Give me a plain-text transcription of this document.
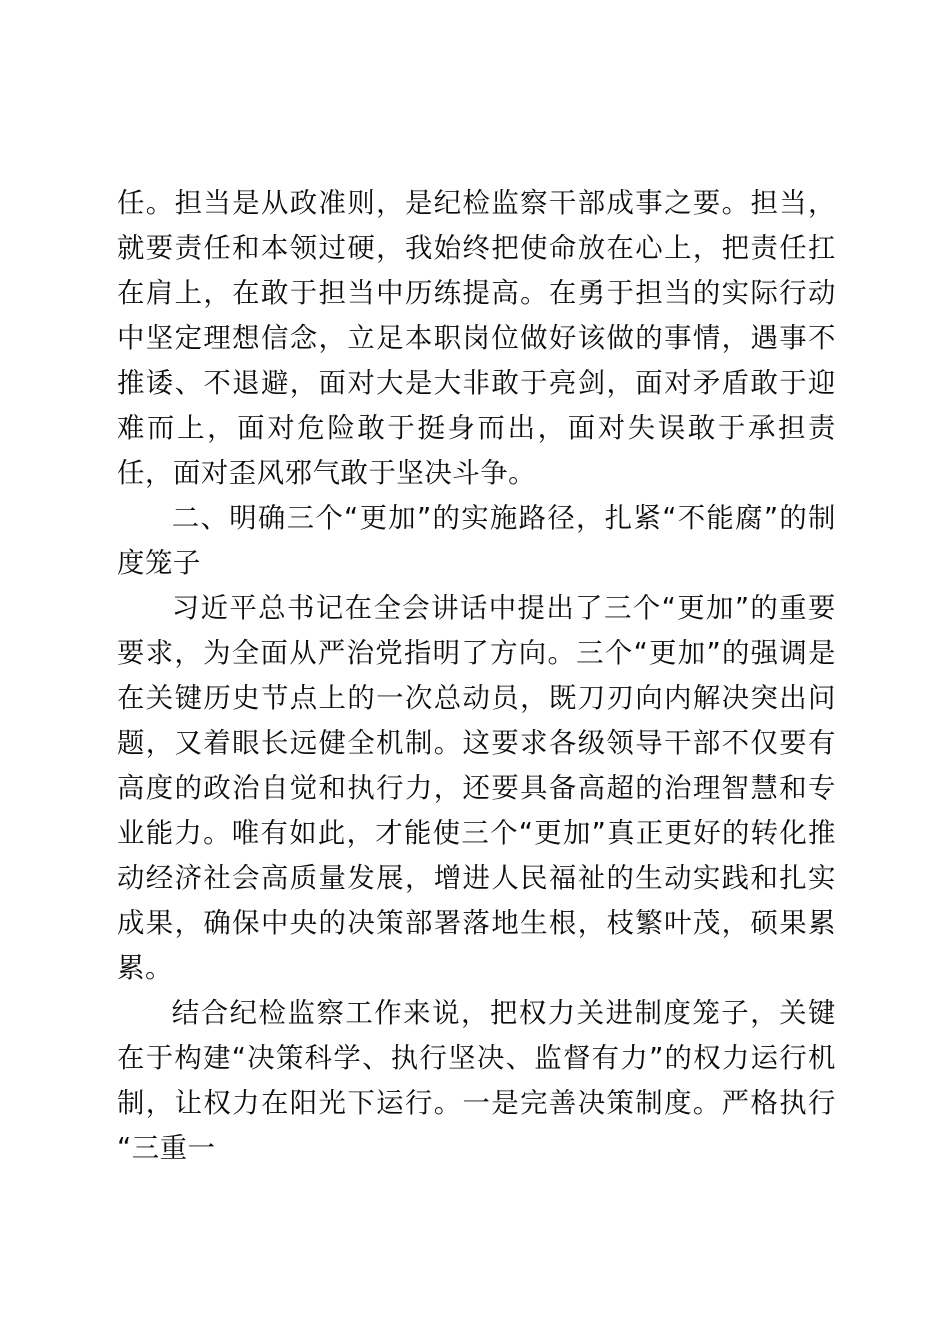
任。担当是从政准则，是纪检监察干部成事之要。担当，就要责任和本领过硬，我始终把使命放在心上，把责任扛在肩上，在敢于担当中历练提高。在勇于担当的实际行动中坚定理想信念，立足本职岗位做好该做的事情，遇事不推诿、不退避，面对大是大非敢于亮剑，面对矛盾敢于迎难而上，面对危险敢于挺身而出，面对失误敢于承担责任，面对歪风邪气敢于坚决斗争。

二、明确三个“更加”的实施路径，扎紧“不能腐”的制度笼子

习近平总书记在全会讲话中提出了三个“更加”的重要要求，为全面从严治党指明了方向。三个“更加”的强调是在关键历史节点上的一次总动员，既刀刃向内解决突出问题，又着眼长远健全机制。这要求各级领导干部不仅要有高度的政治自觉和执行力，还要具备高超的治理智慧和专业能力。唯有如此，才能使三个“更加”真正更好的转化推动经济社会高质量发展，增进人民福祉的生动实践和扎实成果，确保中央的决策部署落地生根，枝繁叶茂，硕果累累。

结合纪检监察工作来说，把权力关进制度笼子，关键在于构建“决策科学、执行坚决、监督有力”的权力运行机制，让权力在阳光下运行。一是完善决策制度。严格执行“三重一
